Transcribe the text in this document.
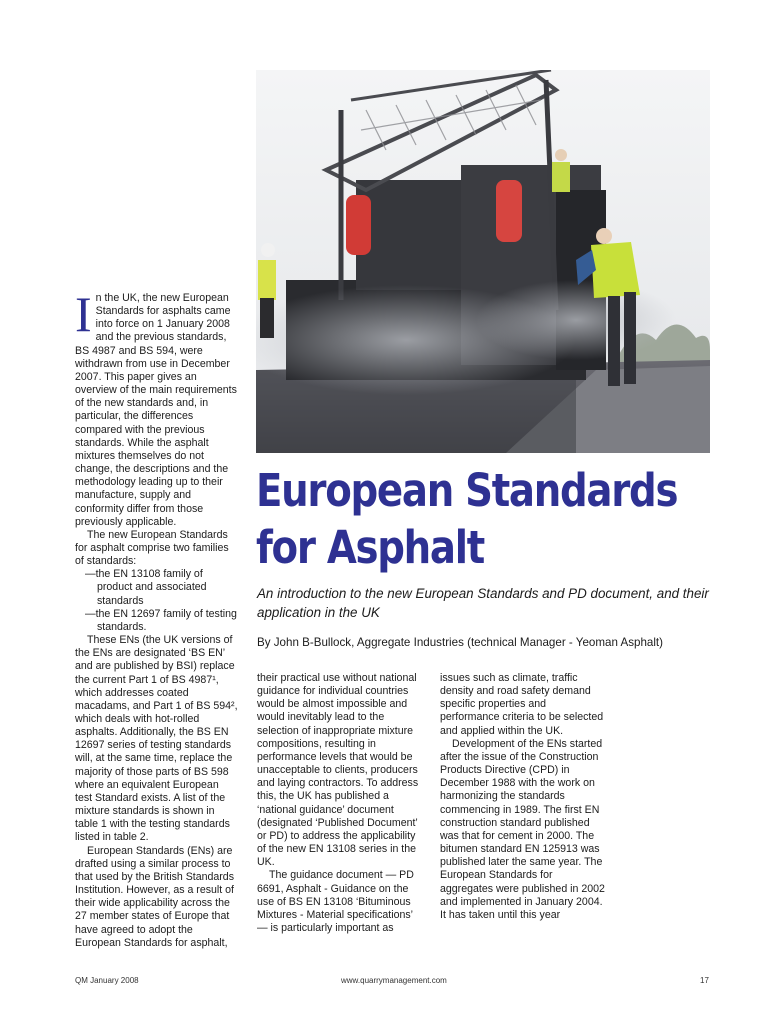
In the UK, the new European Standards for asphalts came into force on 1 January 2008 and the previous standards, BS 4987 and BS 594, were withdrawn from use in December 2007. This paper gives an overview of the main requirements of the new standards and, in particular, the differences compared with the previous standards. While the asphalt mixtures themselves do not change, the descriptions and the methodology leading up to their manufacture, supply and conformity differ from those previously applicable.

The new European Standards for asphalt comprise two families of standards:

—the EN 13108 family of product and associated standards

—the EN 12697 family of testing standards.

These ENs (the UK versions of the ENs are designated ‘BS EN’ and are published by BSI) replace the current Part 1 of BS 4987¹, which addresses coated macadams, and Part 1 of BS 594², which deals with hot-rolled asphalts. Additionally, the BS EN 12697 series of testing standards will, at the same time, replace the majority of those parts of BS 598 where an equivalent European test Standard exists. A list of the mixture standards is shown in table 1 with the testing standards listed in table 2.

European Standards (ENs) are drafted using a similar process to that used by the British Standards Institution. However, as a result of their wide applicability across the 27 member states of Europe that have agreed to adopt the European Standards for asphalt,

European Standards
for Asphalt
An introduction to the new European Standards and PD document, and their application in the UK
By John B-Bullock, Aggregate Industries (technical Manager - Yeoman Asphalt)

their practical use without national guidance for individual countries would be almost impossible and would inevitably lead to the selection of inappropriate mixture compositions, resulting in performance levels that would be unacceptable to clients, producers and laying contractors. To address this, the UK has published a ‘national guidance’ document (designated ‘Published Document’ or PD) to address the applicability of the new EN 13108 series in the UK.

The guidance document — PD 6691, Asphalt - Guidance on the use of BS EN 13108 ‘Bituminous Mixtures - Material specifications’ — is particularly important as

issues such as climate, traffic density and road safety demand specific properties and performance criteria to be selected and applied within the UK.

Development of the ENs started after the issue of the Construction Products Directive (CPD) in December 1988 with the work on harmonizing the standards commencing in 1989. The first EN construction standard published was that for cement in 2000. The bitumen standard EN 125913 was published later the same year. The European Standards for aggregates were published in 2002 and implemented in January 2004. It has taken until this year

QM January 2008	www.quarrymanagement.com	17
